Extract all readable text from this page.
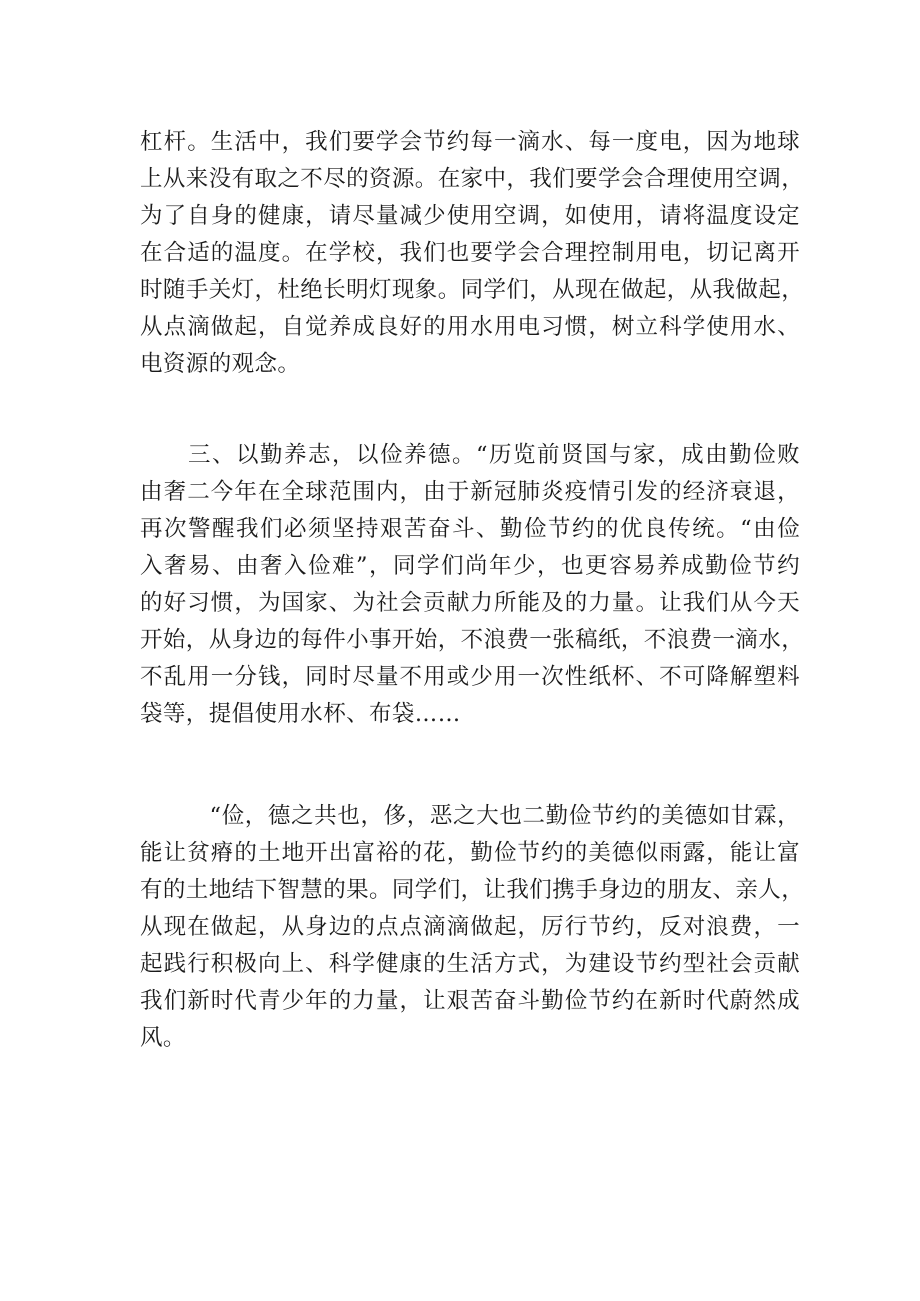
杠杆。生活中，我们要学会节约每一滴水、每一度电，因为地球
上从来没有取之不尽的资源。在家中，我们要学会合理使用空调，
为了自身的健康，请尽量减少使用空调，如使用，请将温度设定
在合适的温度。在学校，我们也要学会合理控制用电，切记离开
时随手关灯，杜绝长明灯现象。同学们，从现在做起，从我做起，
从点滴做起，自觉养成良好的用水用电习惯，树立科学使用水、
电资源的观念。
　　三、以勤养志，以俭养德。“历览前贤国与家，成由勤俭败
由奢二今年在全球范围内，由于新冠肺炎疫情引发的经济衰退，
再次警醒我们必须坚持艰苦奋斗、勤俭节约的优良传统。“由俭
入奢易、由奢入俭难”，同学们尚年少，也更容易养成勤俭节约
的好习惯，为国家、为社会贡献力所能及的力量。让我们从今天
开始，从身边的每件小事开始，不浪费一张稿纸，不浪费一滴水，
不乱用一分钱，同时尽量不用或少用一次性纸杯、不可降解塑料
袋等，提倡使用水杯、布袋……
　　　“俭，德之共也，侈，恶之大也二勤俭节约的美德如甘霖，
能让贫瘠的土地开出富裕的花，勤俭节约的美德似雨露，能让富
有的土地结下智慧的果。同学们，让我们携手身边的朋友、亲人，
从现在做起，从身边的点点滴滴做起，厉行节约，反对浪费，一
起践行积极向上、科学健康的生活方式，为建设节约型社会贡献
我们新时代青少年的力量，让艰苦奋斗勤俭节约在新时代蔚然成
风。
